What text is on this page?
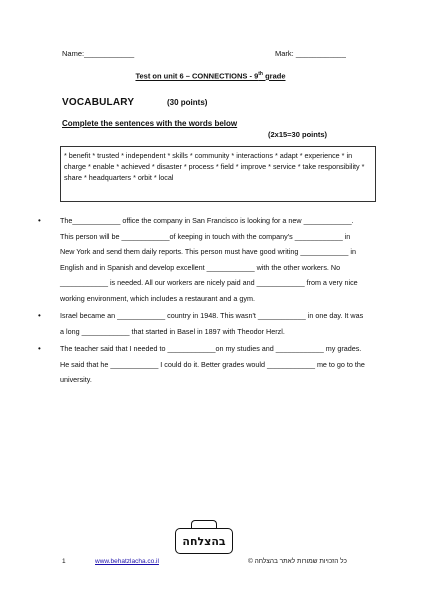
Name:____________	Mark: ____________
Test on unit 6 – CONNECTIONS - 9th grade
VOCABULARY	(30 points)
Complete the sentences with the words below
(2x15=30 points)
* benefit * trusted * independent * skills * community * interactions * adapt * experience * in charge * enable * achieved * disaster * process * field * improve * service * take responsibility * share * headquarters * orbit * local
•	The____________ office the company in San Francisco is looking for a new ____________. This person will be ____________of keeping in touch with the company's ____________ in New York and send them daily reports. This person must have good writing ____________ in English and in Spanish and develop excellent ____________ with the other workers. No ____________ is needed. All our workers are nicely paid and ____________ from a very nice working environment, which includes a restaurant and a gym.
•	Israel became an ____________ country in 1948. This wasn't ____________ in one day. It was a long ____________ that started in Basel in 1897 with Theodor Herzl.
•	The teacher said that I needed to ____________on my studies and ____________ my grades. He said that he ____________ I could do it. Better grades would ____________ me to go to the university.
בהצלחה
1	www.behatzlacha.co.il	כל הזכויות שמורות לאתר בהצלחה ©
